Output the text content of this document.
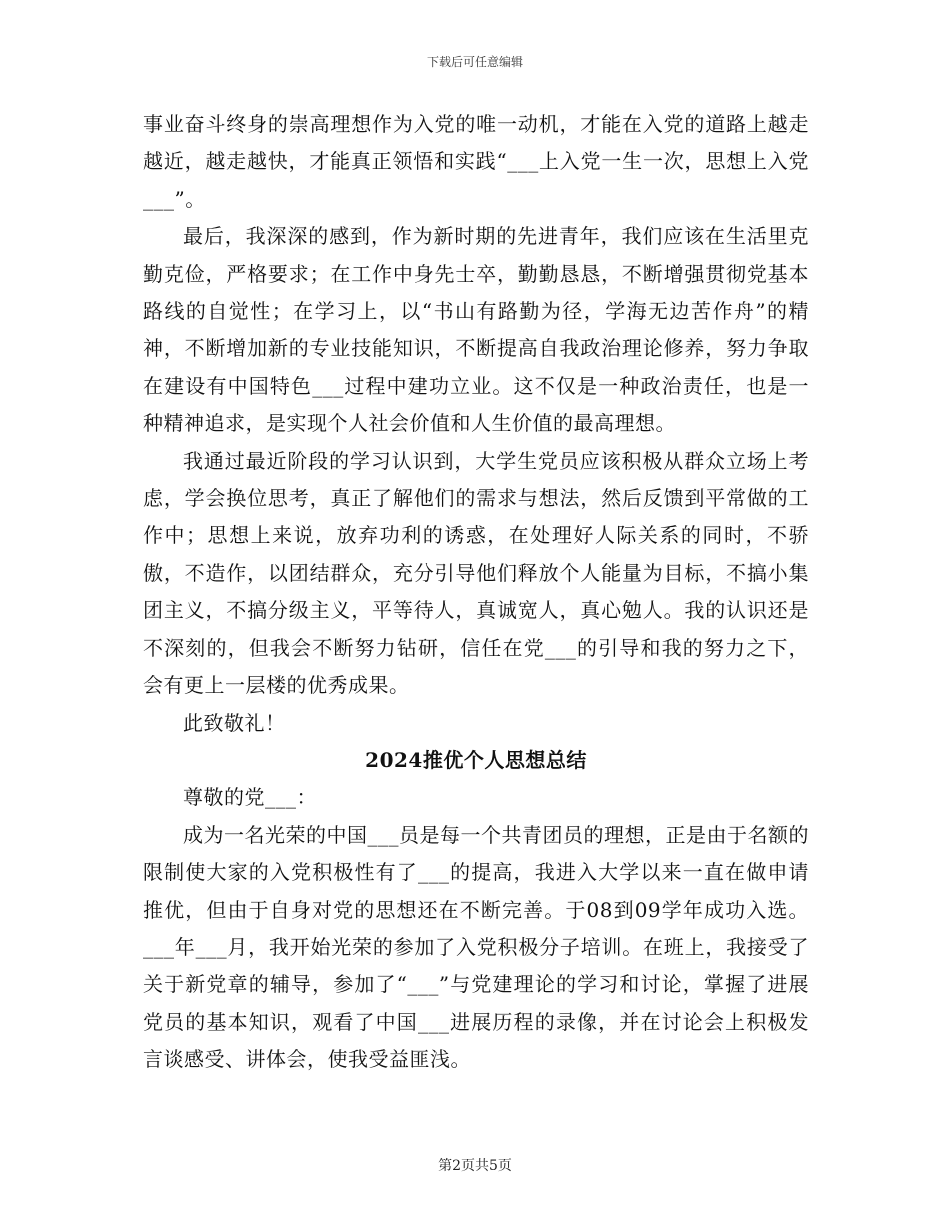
下载后可任意编辑

事业奋斗终身的崇高理想作为入党的唯一动机，才能在入党的道路上越走越近，越走越快，才能真正领悟和实践“___上入党一生一次，思想上入党___”。

最后，我深深的感到，作为新时期的先进青年，我们应该在生活里克勤克俭，严格要求；在工作中身先士卒，勤勤恳恳，不断增强贯彻党基本路线的自觉性；在学习上，以“书山有路勤为径，学海无边苦作舟”的精神，不断增加新的专业技能知识，不断提高自我政治理论修养，努力争取在建设有中国特色___过程中建功立业。这不仅是一种政治责任，也是一种精神追求，是实现个人社会价值和人生价值的最高理想。

我通过最近阶段的学习认识到，大学生党员应该积极从群众立场上考虑，学会换位思考，真正了解他们的需求与想法，然后反馈到平常做的工作中；思想上来说，放弃功利的诱惑，在处理好人际关系的同时，不骄傲，不造作，以团结群众，充分引导他们释放个人能量为目标，不搞小集团主义，不搞分级主义，平等待人，真诚宽人，真心勉人。我的认识还是不深刻的，但我会不断努力钻研，信任在党___的引导和我的努力之下，会有更上一层楼的优秀成果。

此致敬礼！

2024推优个人思想总结

尊敬的党___：

成为一名光荣的中国___员是每一个共青团员的理想，正是由于名额的限制使大家的入党积极性有了___的提高，我进入大学以来一直在做申请推优，但由于自身对党的思想还在不断完善。于08到09学年成功入选。___年___月，我开始光荣的参加了入党积极分子培训。在班上，我接受了关于新党章的辅导，参加了“___”与党建理论的学习和讨论，掌握了进展党员的基本知识，观看了中国___进展历程的录像，并在讨论会上积极发言谈感受、讲体会，使我受益匪浅。

第2页共5页
